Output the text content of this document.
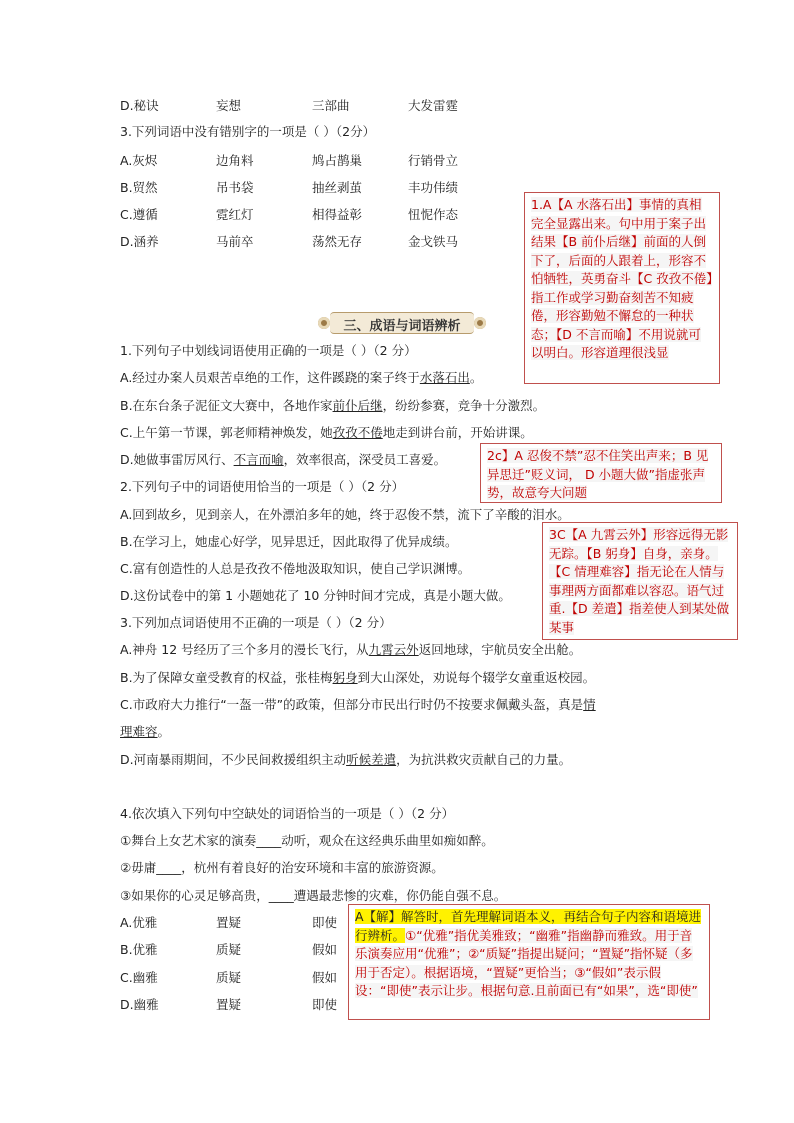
D.秘诀	妄想	三部曲	大发雷霆
3.下列词语中没有错别字的一项是（ ）（2分）
A.灰烬	边角料	鸠占鹊巢	行销骨立
B.贸然	吊书袋	抽丝剥茧	丰功伟绩
C.遵循	霓红灯	相得益彰	忸怩作态
D.涵养	马前卒	荡然无存	金戈铁马
三、成语与词语辨析
1.下列句子中划线词语使用正确的一项是（ ）（2 分）
A.经过办案人员艰苦卓绝的工作，这件蹊跷的案子终于水落石出。
B.在东台条子泥征文大赛中，各地作家前仆后继，纷纷参赛，竞争十分激烈。
C.上午第一节课，郭老师精神焕发，她孜孜不倦地走到讲台前，开始讲课。
D.她做事雷厉风行、不言而喻，效率很高，深受员工喜爱。
2.下列句子中的词语使用恰当的一项是（ ）（2 分）
A.回到故乡，见到亲人，在外漂泊多年的她，终于忍俊不禁，流下了辛酸的泪水。
B.在学习上，她虚心好学，见异思迁，因此取得了优异成绩。
C.富有创造性的人总是孜孜不倦地汲取知识，使自己学识渊博。
D.这份试卷中的第 1 小题她花了 10 分钟时间才完成，真是小题大做。
3.下列加点词语使用不正确的一项是（ ）（2 分）
A.神舟 12 号经历了三个多月的漫长飞行，从九霄云外返回地球，宇航员安全出舱。
B.为了保障女童受教育的权益，张桂梅躬身到大山深处，劝说每个辍学女童重返校园。
C.市政府大力推行“一盔一带”的政策，但部分市民出行时仍不按要求佩戴头盔，真是情
理难容。
D.河南暴雨期间，不少民间救援组织主动听候差遣，为抗洪救灾贡献自己的力量。
4.依次填入下列句中空缺处的词语恰当的一项是（ ）（2 分）
①舞台上女艺术家的演奏____动听，观众在这经典乐曲里如痴如醉。
②毋庸____，杭州有着良好的治安环境和丰富的旅游资源。
③如果你的心灵足够高贵，____遭遇最悲惨的灾难，你仍能自强不息。
A.优雅	置疑	即使
B.优雅	质疑	假如
C.幽雅	质疑	假如
D.幽雅	置疑	即使
1.A【A 水落石出】事情的真相完全显露出来。句中用于案子出结果【B 前仆后继】前面的人倒下了，后面的人跟着上，形容不怕牺牲，英勇奋斗【C 孜孜不倦】指工作或学习勤奋刻苦不知疲倦，形容勤勉不懈怠的一种状态；【D 不言而喻】不用说就可以明白。形容道理很浅显
2c】A 忍俊不禁”忍不住笑出声来；B 见异思迁”贬义词， D 小题大做”指虚张声势，故意夸大问题
3C【A 九霄云外】形容远得无影无踪。【B 躬身】自身，亲身。【C 情理难容】指无论在人情与事理两方面都难以容忍。语气过重.【D 差遣】指差使人到某处做某事
A【解】解答时，首先理解词语本义，再结合句子内容和语境进行辨析。①“优雅”指优美雅致；“幽雅”指幽静而雅致。用于音乐演奏应用“优雅”；②“质疑”指提出疑问；“置疑”指怀疑（多用于否定）。根据语境，“置疑”更恰当；③“假如”表示假设：“即使”表示让步。根据句意.且前面已有“如果”，选“即使”
